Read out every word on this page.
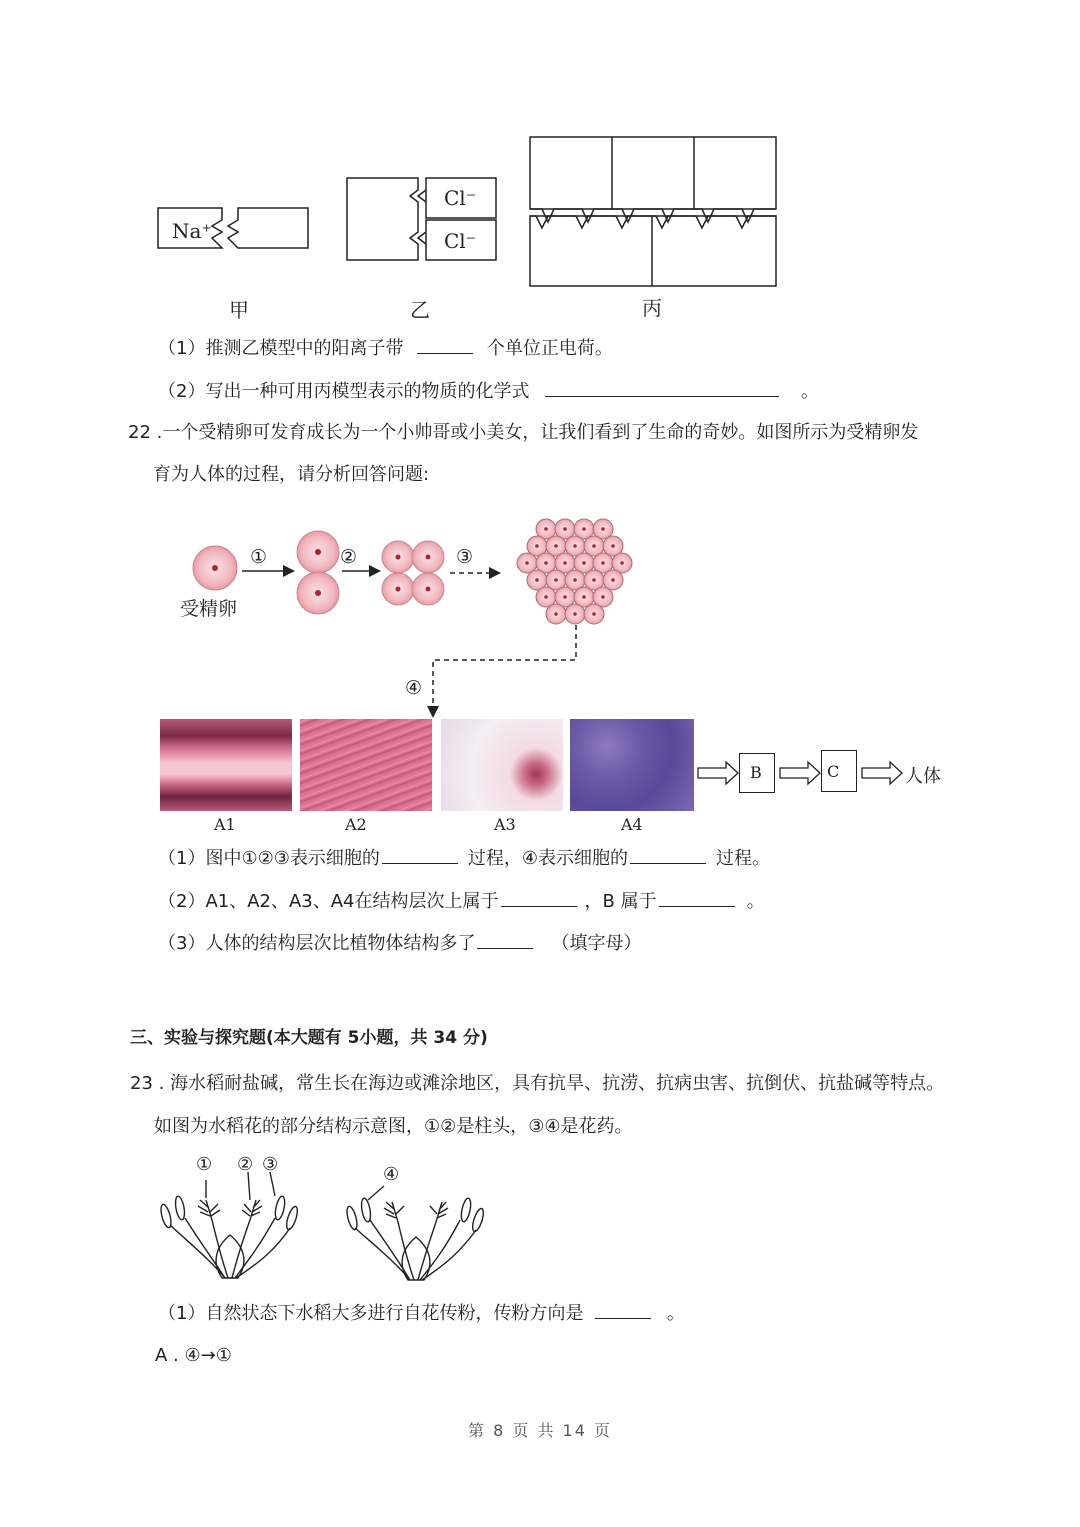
Na⁺
Cl⁻
Cl⁻
甲	乙	丙
（1）推测乙模型中的阳离子带	个单位正电荷。
（2）写出一种可用丙模型表示的物质的化学式	。
22 .一个受精卵可发育成长为一个小帅哥或小美女，让我们看到了生命的奇妙。如图所示为受精卵发
育为人体的过程，请分析回答问题:
受精卵
①	②	③
④
A1	A2	A3	A4
B	C	人体
（1）图中①②③表示细胞的	过程，④表示细胞的	过程。
（2）A1、A2、A3、A4在结构层次上属于	，B 属于	。
（3）人体的结构层次比植物体结构多了	（填字母）
三、实验与探究题(本大题有 5小题，共 34 分)
23 . 海水稻耐盐碱，常生长在海边或滩涂地区，具有抗旱、抗涝、抗病虫害、抗倒伏、抗盐碱等特点。
如图为水稻花的部分结构示意图，①②是柱头，③④是花药。
① ② ③	④
（1）自然状态下水稻大多进行自花传粉，传粉方向是	。
A . ④→①
第 8 页 共 14 页
